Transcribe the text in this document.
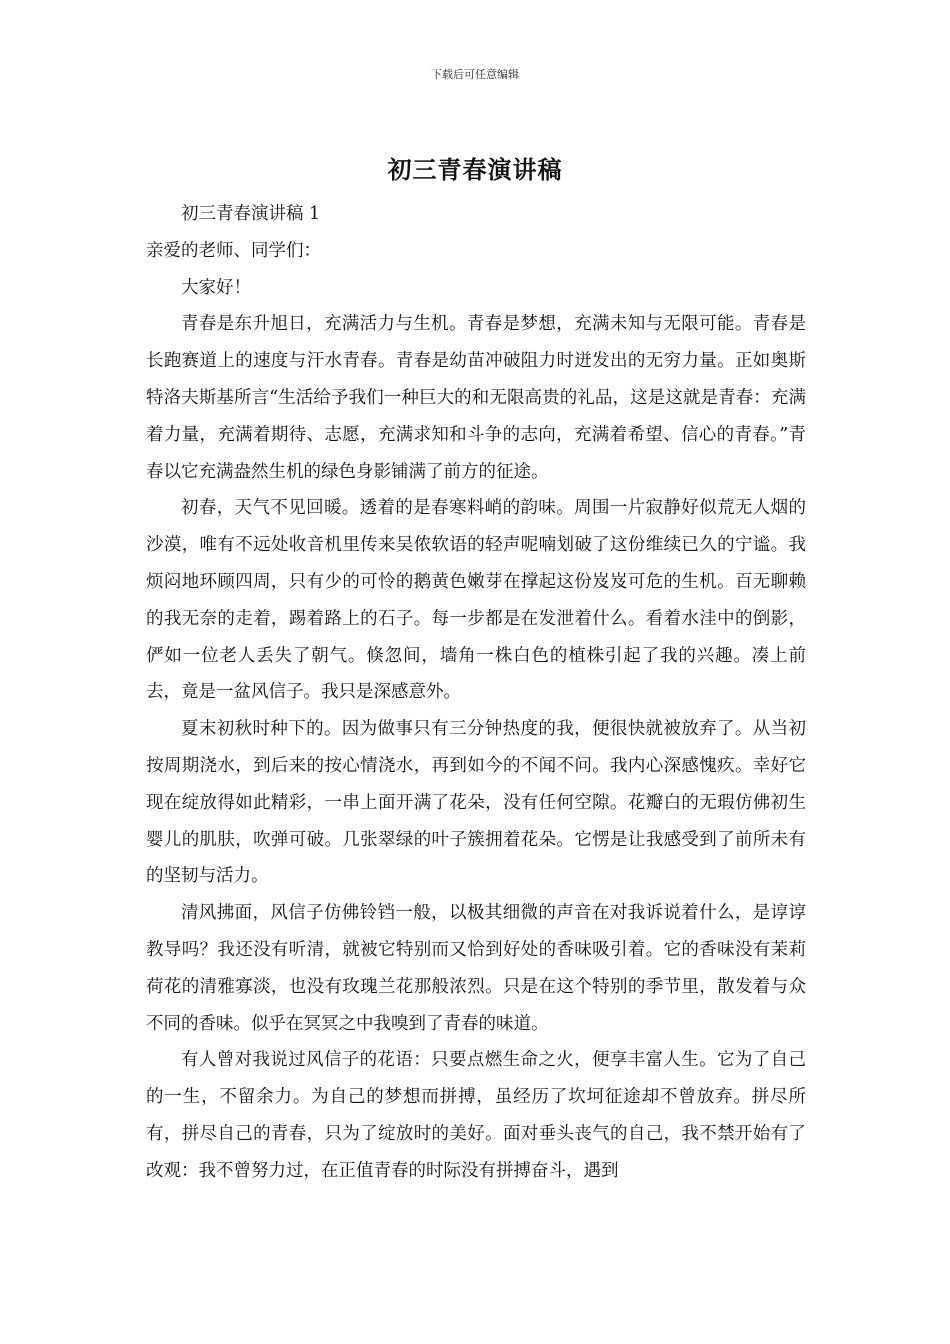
下载后可任意编辑
初三青春演讲稿

初三青春演讲稿 1

亲爱的老师、同学们：

大家好！

青春是东升旭日，充满活力与生机。青春是梦想，充满未知与无限可能。青春是长跑赛道上的速度与汗水青春。青春是幼苗冲破阻力时迸发出的无穷力量。正如奥斯特洛夫斯基所言“生活给予我们一种巨大的和无限高贵的礼品，这是这就是青春：充满着力量，充满着期待、志愿，充满求知和斗争的志向，充满着希望、信心的青春。”青春以它充满盎然生机的绿色身影铺满了前方的征途。

初春，天气不见回暖。透着的是春寒料峭的韵味。周围一片寂静好似荒无人烟的沙漠，唯有不远处收音机里传来吴侬软语的轻声呢喃划破了这份维续已久的宁谧。我烦闷地环顾四周，只有少的可怜的鹅黄色嫩芽在撑起这份岌岌可危的生机。百无聊赖的我无奈的走着，踢着路上的石子。每一步都是在发泄着什么。看着水洼中的倒影，俨如一位老人丢失了朝气。倏忽间，墙角一株白色的植株引起了我的兴趣。凑上前去，竟是一盆风信子。我只是深感意外。

夏末初秋时种下的。因为做事只有三分钟热度的我，便很快就被放弃了。从当初按周期浇水，到后来的按心情浇水，再到如今的不闻不问。我内心深感愧疚。幸好它现在绽放得如此精彩，一串上面开满了花朵，没有任何空隙。花瓣白的无瑕仿佛初生婴儿的肌肤，吹弹可破。几张翠绿的叶子簇拥着花朵。它愣是让我感受到了前所未有的坚韧与活力。

清风拂面，风信子仿佛铃铛一般，以极其细微的声音在对我诉说着什么，是谆谆教导吗？我还没有听清，就被它特别而又恰到好处的香味吸引着。它的香味没有茉莉荷花的清雅寡淡，也没有玫瑰兰花那般浓烈。只是在这个特别的季节里，散发着与众不同的香味。似乎在冥冥之中我嗅到了青春的味道。

有人曾对我说过风信子的花语：只要点燃生命之火，便享丰富人生。它为了自己的一生，不留余力。为自己的梦想而拼搏，虽经历了坎坷征途却不曾放弃。拼尽所有，拼尽自己的青春，只为了绽放时的美好。面对垂头丧气的自己，我不禁开始有了改观：我不曾努力过，在正值青春的时际没有拼搏奋斗，遇到
